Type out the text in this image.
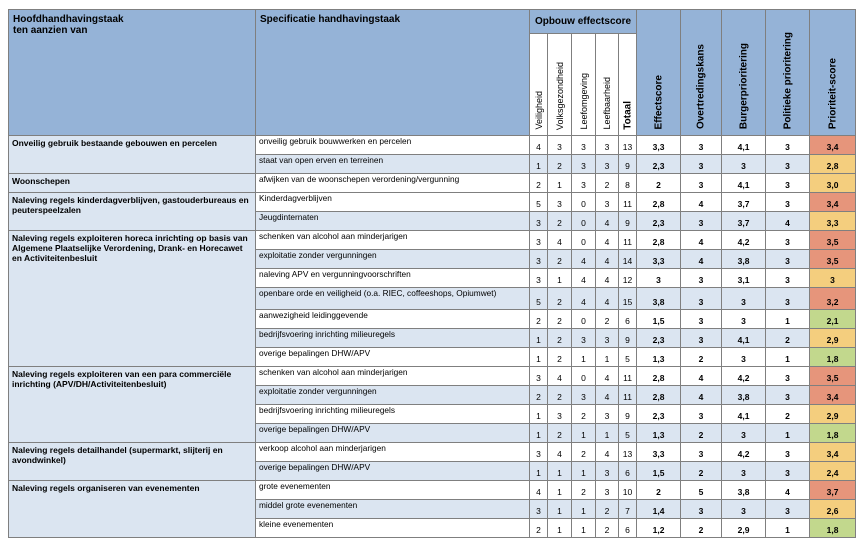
Hoofdhandhavingstaak
ten aanzien van	Specificatie handhavingstaak	Opbouw effectscore					Effectscore	Overtredingskans	Burgerprioritering	Politieke prioritering	Prioriteit-score

		Veiligheid	Volksgezondheid	Leefomgeving	Leefbaarheid	Totaal					

Onveilig gebruik bestaande gebouwen en percelen	onveilig gebruik bouwwerken en percelen	4	3	3	3	13	3,3	3	4,1	3	3,4
	staat van open erven en terreinen	1	2	3	3	9	2,3	3	3	3	2,8
Woonschepen	afwijken van de woonschepen verordening/vergunning	2	1	3	2	8	2	3	4,1	3	3,0
Naleving regels kinderdagverblijven, gastouderbureaus en peuterspeelzalen	Kinderdagverblijven	5	3	0	3	11	2,8	4	3,7	3	3,4
	Jeugdinternaten	3	2	0	4	9	2,3	3	3,7	4	3,3
Naleving regels exploiteren horeca inrichting op basis van Algemene Plaatselijke Verordening, Drank- en Horecawet en Activiteitenbesluit	schenken van alcohol aan minderjarigen	3	4	0	4	11	2,8	4	4,2	3	3,5
	exploitatie zonder vergunningen	3	2	4	4	14	3,3	4	3,8	3	3,5
	naleving APV en vergunningvoorschriften	3	1	4	4	12	3	3	3,1	3	3
	openbare orde en veiligheid (o.a. RIEC, coffeeshops, Opiumwet)	5	2	4	4	15	3,8	3	3	3	3,2
	aanwezigheid leidinggevende	2	2	0	2	6	1,5	3	3	1	2,1
	bedrijfsvoering inrichting milieuregels	1	2	3	3	9	2,3	3	4,1	2	2,9
	overige bepalingen DHW/APV	1	2	1	1	5	1,3	2	3	1	1,8
Naleving regels exploiteren van een para commerciële inrichting (APV/DH/Activiteitenbesluit)	schenken van alcohol aan minderjarigen	3	4	0	4	11	2,8	4	4,2	3	3,5
	exploitatie zonder vergunningen	2	2	3	4	11	2,8	4	3,8	3	3,4
	bedrijfsvoering inrichting milieuregels	1	3	2	3	9	2,3	3	4,1	2	2,9
	overige bepalingen DHW/APV	1	2	1	1	5	1,3	2	3	1	1,8
Naleving regels detailhandel (supermarkt, slijterij en avondwinkel)	verkoop alcohol aan minderjarigen	3	4	2	4	13	3,3	3	4,2	3	3,4
	overige bepalingen DHW/APV	1	1	1	3	6	1,5	2	3	3	2,4
Naleving regels organiseren van evenementen	grote evenementen	4	1	2	3	10	2	5	3,8	4	3,7
	middel grote evenementen	3	1	1	2	7	1,4	3	3	3	2,6
	kleine evenementen	2	1	1	2	6	1,2	2	2,9	1	1,8
